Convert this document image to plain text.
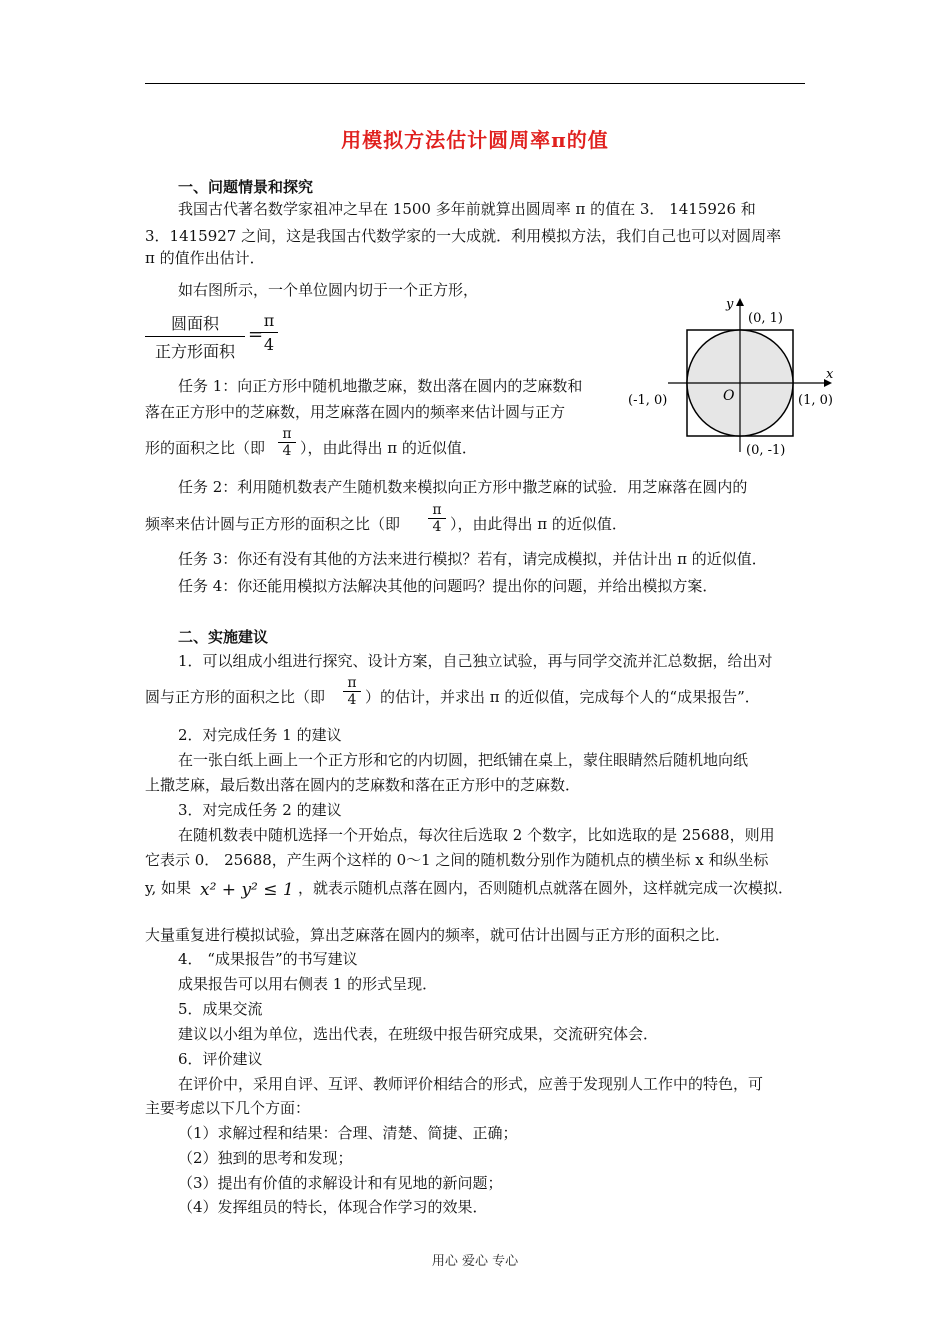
用模拟方法估计圆周率π的值
一、问题情景和探究
我国古代著名数学家祖冲之早在 1500 多年前就算出圆周率 π 的值在 3． 1415926 和
3．1415927 之间，这是我国古代数学家的一大成就．利用模拟方法，我们自己也可以对圆周率
π 的值作出估计．
如右图所示，一个单位圆内切于一个正方形，
圆面积
正方形面积
=
$\frac{\pi}{4}$
任务 1：向正方形中随机地撒芝麻，数出落在圆内的芝麻数和
落在正方形中的芝麻数，用芝麻落在圆内的频率来估计圆与正方
形的面积之比（即 $\frac{\pi}{4}$ ），由此得出 π 的近似值．
y
x
O
(0, 1)
(0, -1)
(-1, 0)	(1, 0)
任务 2：利用随机数表产生随机数来模拟向正方形中撒芝麻的试验．用芝麻落在圆内的
频率来估计圆与正方形的面积之比（即 $\frac{\pi}{4}$ ），由此得出 π 的近似值．
任务 3：你还有没有其他的方法来进行模拟？若有，请完成模拟，并估计出 π 的近似值．
任务 4：你还能用模拟方法解决其他的问题吗？提出你的问题，并给出模拟方案．
二、实施建议
1．可以组成小组进行探究、设计方案，自己独立试验，再与同学交流并汇总数据，给出对
圆与正方形的面积之比（即 $\frac{\pi}{4}$ ）的估计，并求出 π 的近似值，完成每个人的“成果报告”．
2．对完成任务 1 的建议
在一张白纸上画上一个正方形和它的内切圆，把纸铺在桌上，蒙住眼睛然后随机地向纸
上撒芝麻，最后数出落在圆内的芝麻数和落在正方形中的芝麻数．
3．对完成任务 2 的建议
在随机数表中随机选择一个开始点，每次往后选取 2 个数字，比如选取的是 25688，则用
它表示 0． 25688，产生两个这样的 0～1 之间的随机数分别作为随机点的横坐标 x 和纵坐标
y, 如果 x² + y² ≤ 1 ，就表示随机点落在圆内，否则随机点就落在圆外，这样就完成一次模拟．
大量重复进行模拟试验，算出芝麻落在圆内的频率，就可估计出圆与正方形的面积之比．
4． “成果报告”的书写建议
成果报告可以用右侧表 1 的形式呈现．
5．成果交流
建议以小组为单位，选出代表，在班级中报告研究成果，交流研究体会．
6．评价建议
在评价中，采用自评、互评、教师评价相结合的形式，应善于发现别人工作中的特色，可
主要考虑以下几个方面：
（1）求解过程和结果：合理、清楚、简捷、正确；
（2）独到的思考和发现；
（3）提出有价值的求解设计和有见地的新问题；
（4）发挥组员的特长，体现合作学习的效果．
用心 爱心 专心
